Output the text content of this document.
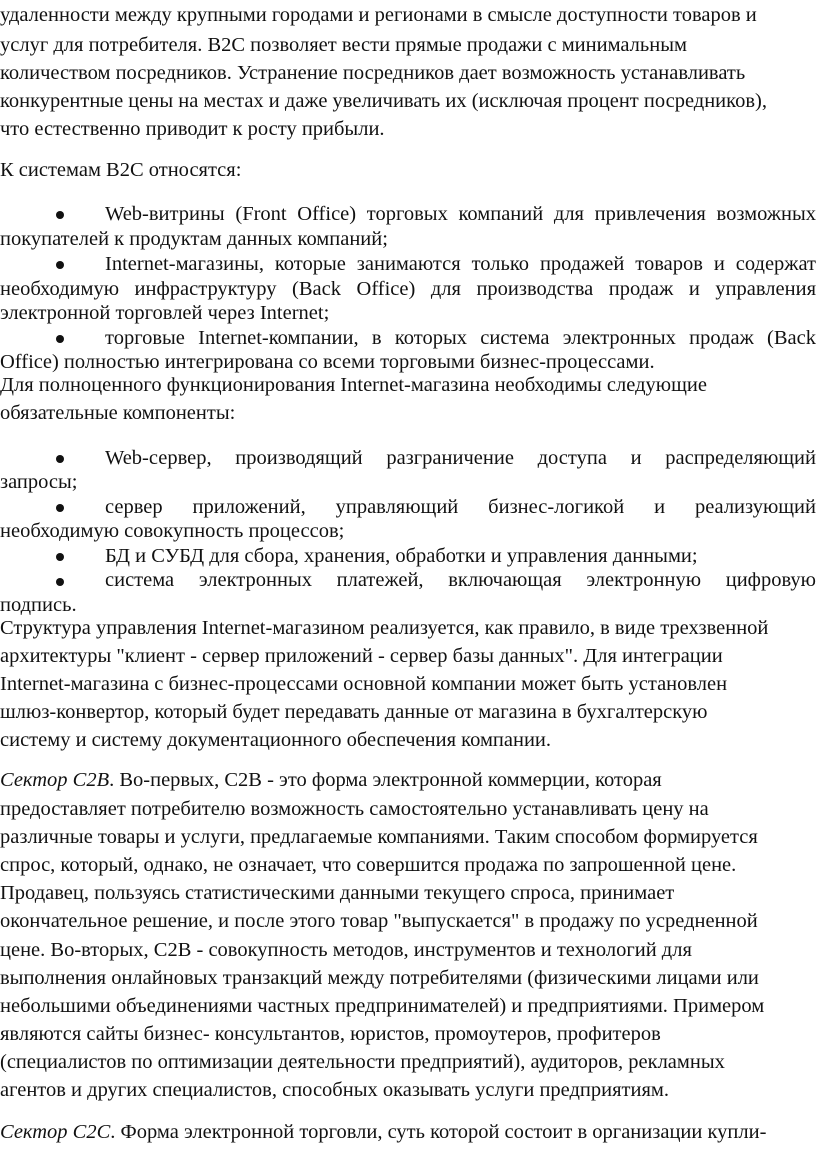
удаленности между крупными городами и регионами в смысле доступности товаров и
услуг для потребителя. B2C позволяет вести прямые продажи с минимальным
количеством посредников. Устранение посредников дает возможность устанавливать
конкурентные цены на местах и даже увеличивать их (исключая процент посредников),
что естественно приводит к росту прибыли.
К системам B2C относятся:
Web-витрины (Front Office) торговых компаний для привлечения возможных
покупателей к продуктам данных компаний;
Internet-магазины, которые занимаются только продажей товаров и содержат
необходимую инфраструктуру (Back Office) для производства продаж и управления
электронной торговлей через Internet;
торговые Internet-компании, в которых система электронных продаж (Back
Office) полностью интегрирована со всеми торговыми бизнес-процессами.
Для полноценного функционирования Internet-магазина необходимы следующие
обязательные компоненты:
Web-сервер, производящий разграничение доступа и распределяющий
запросы;
сервер приложений, управляющий бизнес-логикой и реализующий
необходимую совокупность процессов;
БД и СУБД для сбора, хранения, обработки и управления данными;
система электронных платежей, включающая электронную цифровую
подпись.
Структура управления Internet-магазином реализуется, как правило, в виде трехзвенной
архитектуры "клиент - сервер приложений - сервер базы данных". Для интеграции
Internet-магазина с бизнес-процессами основной компании может быть установлен
шлюз-конвертор, который будет передавать данные от магазина в бухгалтерскую
систему и систему документационного обеспечения компании.
Сектор C2B. Во-первых, C2B - это форма электронной коммерции, которая
предоставляет потребителю возможность самостоятельно устанавливать цену на
различные товары и услуги, предлагаемые компаниями. Таким способом формируется
спрос, который, однако, не означает, что совершится продажа по запрошенной цене.
Продавец, пользуясь статистическими данными текущего спроса, принимает
окончательное решение, и после этого товар "выпускается" в продажу по усредненной
цене. Во-вторых, C2B - совокупность методов, инструментов и технологий для
выполнения онлайновых транзакций между потребителями (физическими лицами или
небольшими объединениями частных предпринимателей) и предприятиями. Примером
являются сайты бизнес- консультантов, юристов, промоутеров, профитеров
(специалистов по оптимизации деятельности предприятий), аудиторов, рекламных
агентов и других специалистов, способных оказывать услуги предприятиям.
Сектор C2C. Форма электронной торговли, суть которой состоит в организации купли-
